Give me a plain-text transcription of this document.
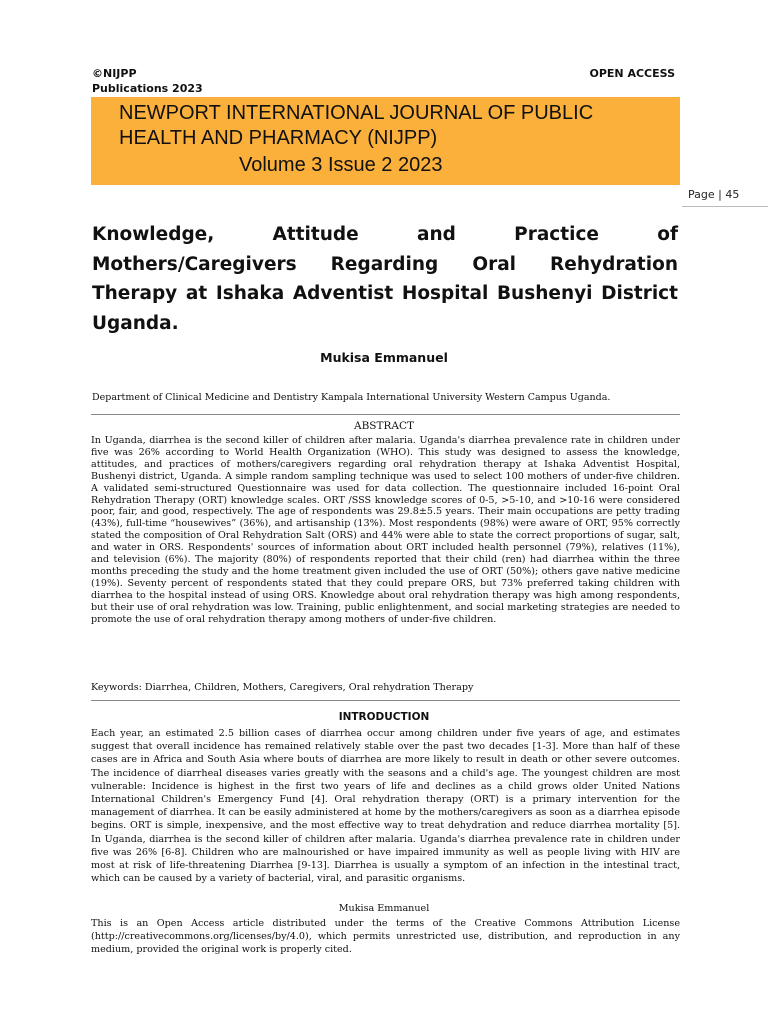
©NIJPP
Publications 2023
OPEN ACCESS
NEWPORT INTERNATIONAL JOURNAL OF PUBLIC
HEALTH AND PHARMACY (NIJPP)
Volume 3 Issue 2 2023
Page | 45
Knowledge, Attitude and Practice of Mothers/Caregivers Regarding Oral Rehydration Therapy at Ishaka Adventist Hospital Bushenyi District Uganda.
Mukisa Emmanuel
Department of Clinical Medicine and Dentistry Kampala International University Western Campus Uganda.
ABSTRACT

In Uganda, diarrhea is the second killer of children after malaria. Uganda's diarrhea prevalence rate in children under five was 26% according to World Health Organization (WHO). This study was designed to assess the knowledge, attitudes, and practices of mothers/caregivers regarding oral rehydration therapy at Ishaka Adventist Hospital, Bushenyi district, Uganda. A simple random sampling technique was used to select 100 mothers of under-five children. A validated semi-structured Questionnaire was used for data collection. The questionnaire included 16-point Oral Rehydration Therapy (ORT) knowledge scales. ORT /SSS knowledge scores of 0-5, >5-10, and >10-16 were considered poor, fair, and good, respectively. The age of respondents was 29.8±5.5 years. Their main occupations are petty trading (43%), full-time “housewives” (36%), and artisanship (13%). Most respondents (98%) were aware of ORT, 95% correctly stated the composition of Oral Rehydration Salt (ORS) and 44% were able to state the correct proportions of sugar, salt, and water in ORS. Respondents' sources of information about ORT included health personnel (79%), relatives (11%), and television (6%). The majority (80%) of respondents reported that their child (ren) had diarrhea within the three months preceding the study and the home treatment given included the use of ORT (50%); others gave native medicine (19%). Seventy percent of respondents stated that they could prepare ORS, but 73% preferred taking children with diarrhea to the hospital instead of using ORS. Knowledge about oral rehydration therapy was high among respondents, but their use of oral rehydration was low. Training, public enlightenment, and social marketing strategies are needed to promote the use of oral rehydration therapy among mothers of under-five children.

Keywords: Diarrhea, Children, Mothers, Caregivers, Oral rehydration Therapy
INTRODUCTION

Each year, an estimated 2.5 billion cases of diarrhea occur among children under five years of age, and estimates suggest that overall incidence has remained relatively stable over the past two decades [1-3]. More than half of these cases are in Africa and South Asia where bouts of diarrhea are more likely to result in death or other severe outcomes. The incidence of diarrheal diseases varies greatly with the seasons and a child's age. The youngest children are most vulnerable: Incidence is highest in the first two years of life and declines as a child grows older United Nations International Children's Emergency Fund [4]. Oral rehydration therapy (ORT) is a primary intervention for the management of diarrhea. It can be easily administered at home by the mothers/caregivers as soon as a diarrhea episode begins. ORT is simple, inexpensive, and the most effective way to treat dehydration and reduce diarrhea mortality [5]. In Uganda, diarrhea is the second killer of children after malaria. Uganda's diarrhea prevalence rate in children under five was 26% [6-8]. Children who are malnourished or have impaired immunity as well as people living with HIV are most at risk of life-threatening Diarrhea [9-13]. Diarrhea is usually a symptom of an infection in the intestinal tract, which can be caused by a variety of bacterial, viral, and parasitic organisms.

Mukisa Emmanuel

This is an Open Access article distributed under the terms of the Creative Commons Attribution License (http://creativecommons.org/licenses/by/4.0), which permits unrestricted use, distribution, and reproduction in any medium, provided the original work is properly cited.
